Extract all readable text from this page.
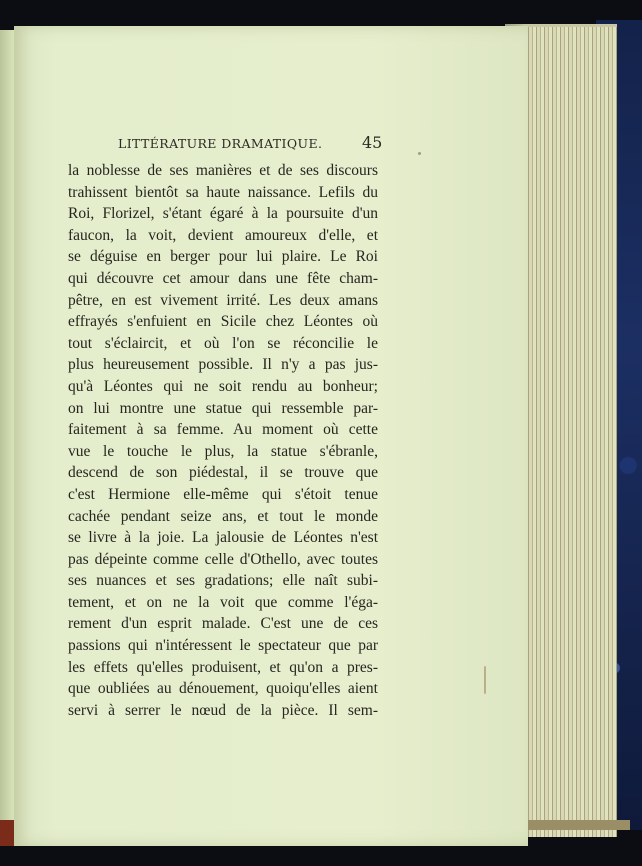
LITTÉRATURE DRAMATIQUE. 45
la noblesse de ses manières et de ses discours
trahissent bientôt sa haute naissance. Lefils du
Roi, Florizel, s'étant égaré à la poursuite d'un
faucon, la voit, devient amoureux d'elle, et
se déguise en berger pour lui plaire. Le Roi
qui découvre cet amour dans une fête cham-
pêtre, en est vivement irrité. Les deux amans
effrayés s'enfuient en Sicile chez Léontes où
tout s'éclaircit, et où l'on se réconcilie le
plus heureusement possible. Il n'y a pas jus-
qu'à Léontes qui ne soit rendu au bonheur;
on lui montre une statue qui ressemble par-
faitement à sa femme. Au moment où cette
vue le touche le plus, la statue s'ébranle,
descend de son piédestal, il se trouve que
c'est Hermione elle-même qui s'étoit tenue
cachée pendant seize ans, et tout le monde
se livre à la joie. La jalousie de Léontes n'est
pas dépeinte comme celle d'Othello, avec toutes
ses nuances et ses gradations; elle naît subi-
tement, et on ne la voit que comme l'éga-
rement d'un esprit malade. C'est une de ces
passions qui n'intéressent le spectateur que par
les effets qu'elles produisent, et qu'on a pres-
que oubliées au dénouement, quoiqu'elles aient
servi à serrer le nœud de la pièce. Il sem-
